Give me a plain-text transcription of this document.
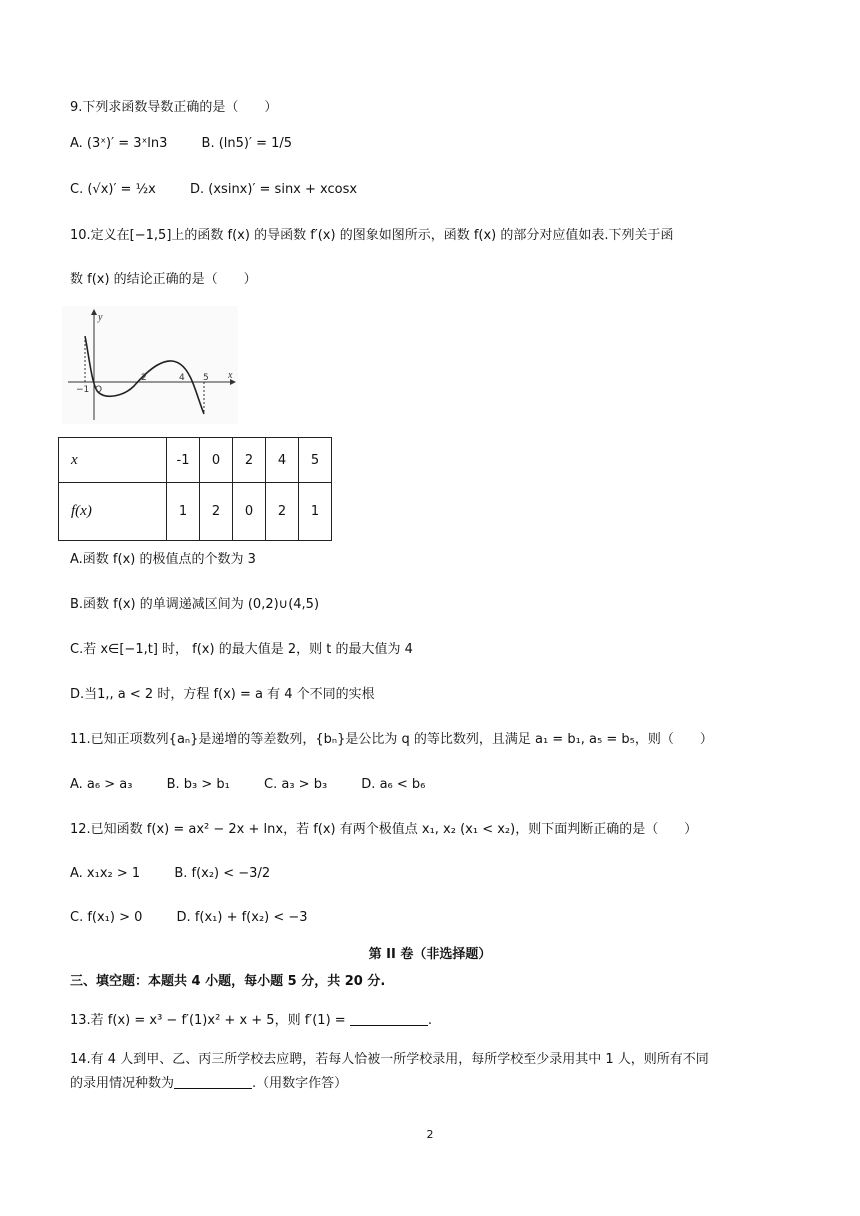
9.下列求函数导数正确的是（　　）
A. (3ˣ)′ = 3ˣln3	B. (ln5)′ = 1/5
C. (√x)′ = ½x	D. (xsinx)′ = sinx + xcosx
10.定义在[−1,5]上的函数 f(x) 的导函数 f′(x) 的图象如图所示，函数 f(x) 的部分对应值如表.下列关于函
数 f(x) 的结论正确的是（　　）
y
x
−1 O
2	4 5
x	-1	0	2	4	5
f(x)	1	2	0	2	1
A.函数 f(x) 的极值点的个数为 3
B.函数 f(x) 的单调递减区间为 (0,2)∪(4,5)
C.若 x∈[−1,t] 时， f(x) 的最大值是 2，则 t 的最大值为 4
D.当1,, a < 2 时，方程 f(x) = a 有 4 个不同的实根
11.已知正项数列{aₙ}是递增的等差数列，{bₙ}是公比为 q 的等比数列，且满足 a₁ = b₁, a₅ = b₅，则（　　）
A. a₆ > a₃	B. b₃ > b₁	C. a₃ > b₃	D. a₆ < b₆
12.已知函数 f(x) = ax² − 2x + lnx，若 f(x) 有两个极值点 x₁, x₂ (x₁ < x₂)，则下面判断正确的是（　　）
A. x₁x₂ > 1	B. f(x₂) < −3/2
C. f(x₁) > 0	D. f(x₁) + f(x₂) < −3
第 II 卷（非选择题）
三、填空题：本题共 4 小题，每小题 5 分，共 20 分.
13.若 f(x) = x³ − f′(1)x² + x + 5，则 f′(1) =	.
14.有 4 人到甲、乙、丙三所学校去应聘，若每人恰被一所学校录用，每所学校至少录用其中 1 人，则所有不同
的录用情况种数为	.（用数字作答）
2
